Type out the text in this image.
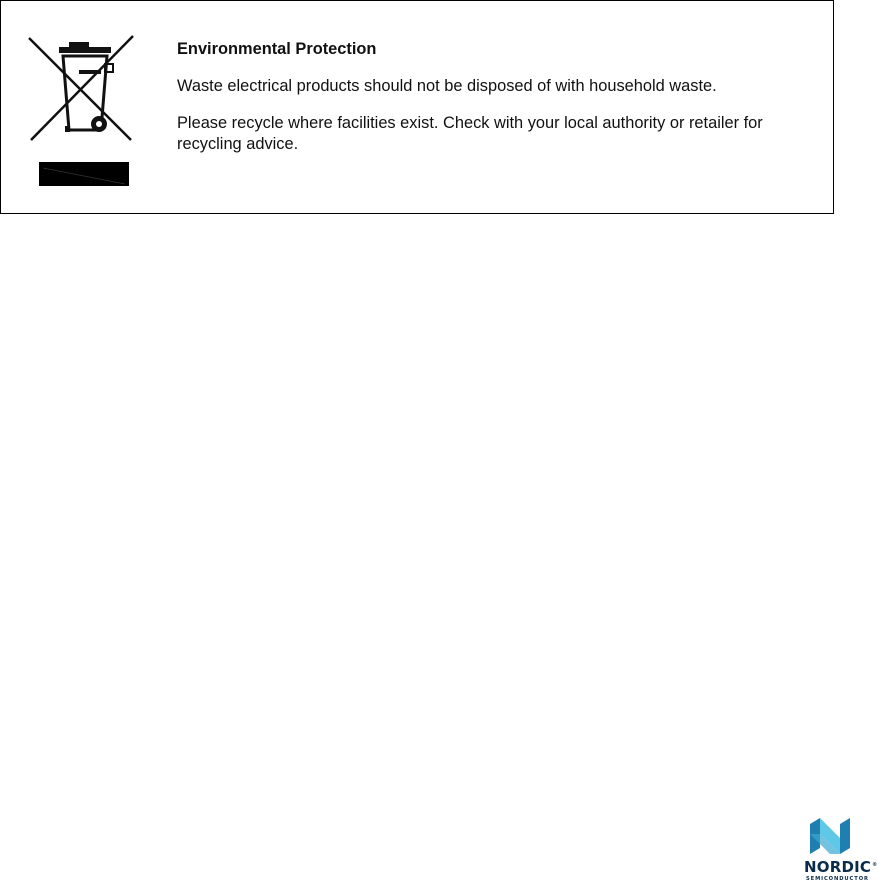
Environmental Protection

Waste electrical products should not be disposed of with household waste.

Please recycle where facilities exist. Check with your local authority or retailer for recycling advice.

NORDIC®
SEMICONDUCTOR
